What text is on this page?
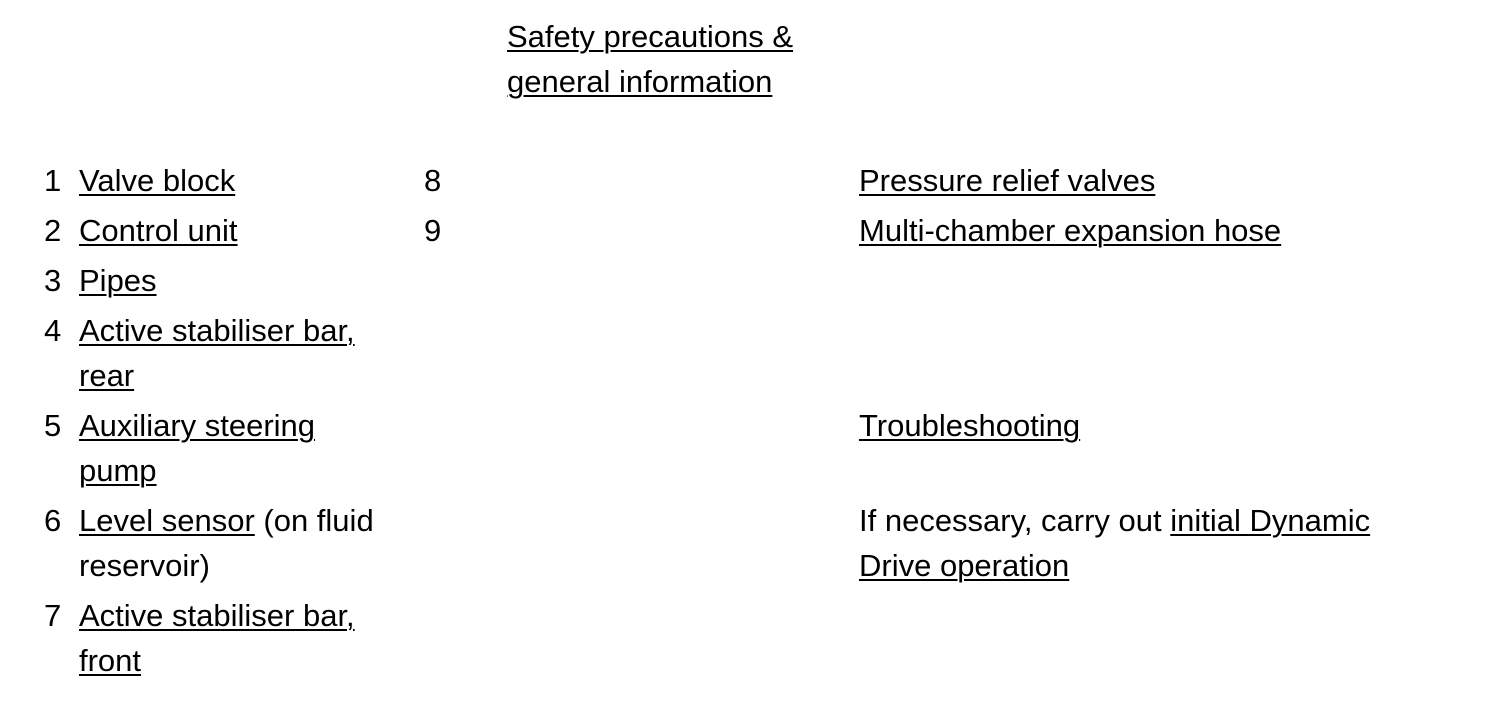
Safety precautions &
general information
1 Valve block
2 Control unit
3 Pipes
4 Active stabiliser bar,
rear
5 Auxiliary steering
pump
6 Level sensor (on fluid
reservoir)
7 Active stabiliser bar,
front
8
9
Pressure relief valves
Multi-chamber expansion hose
Troubleshooting
If necessary, carry out initial Dynamic
Drive operation
